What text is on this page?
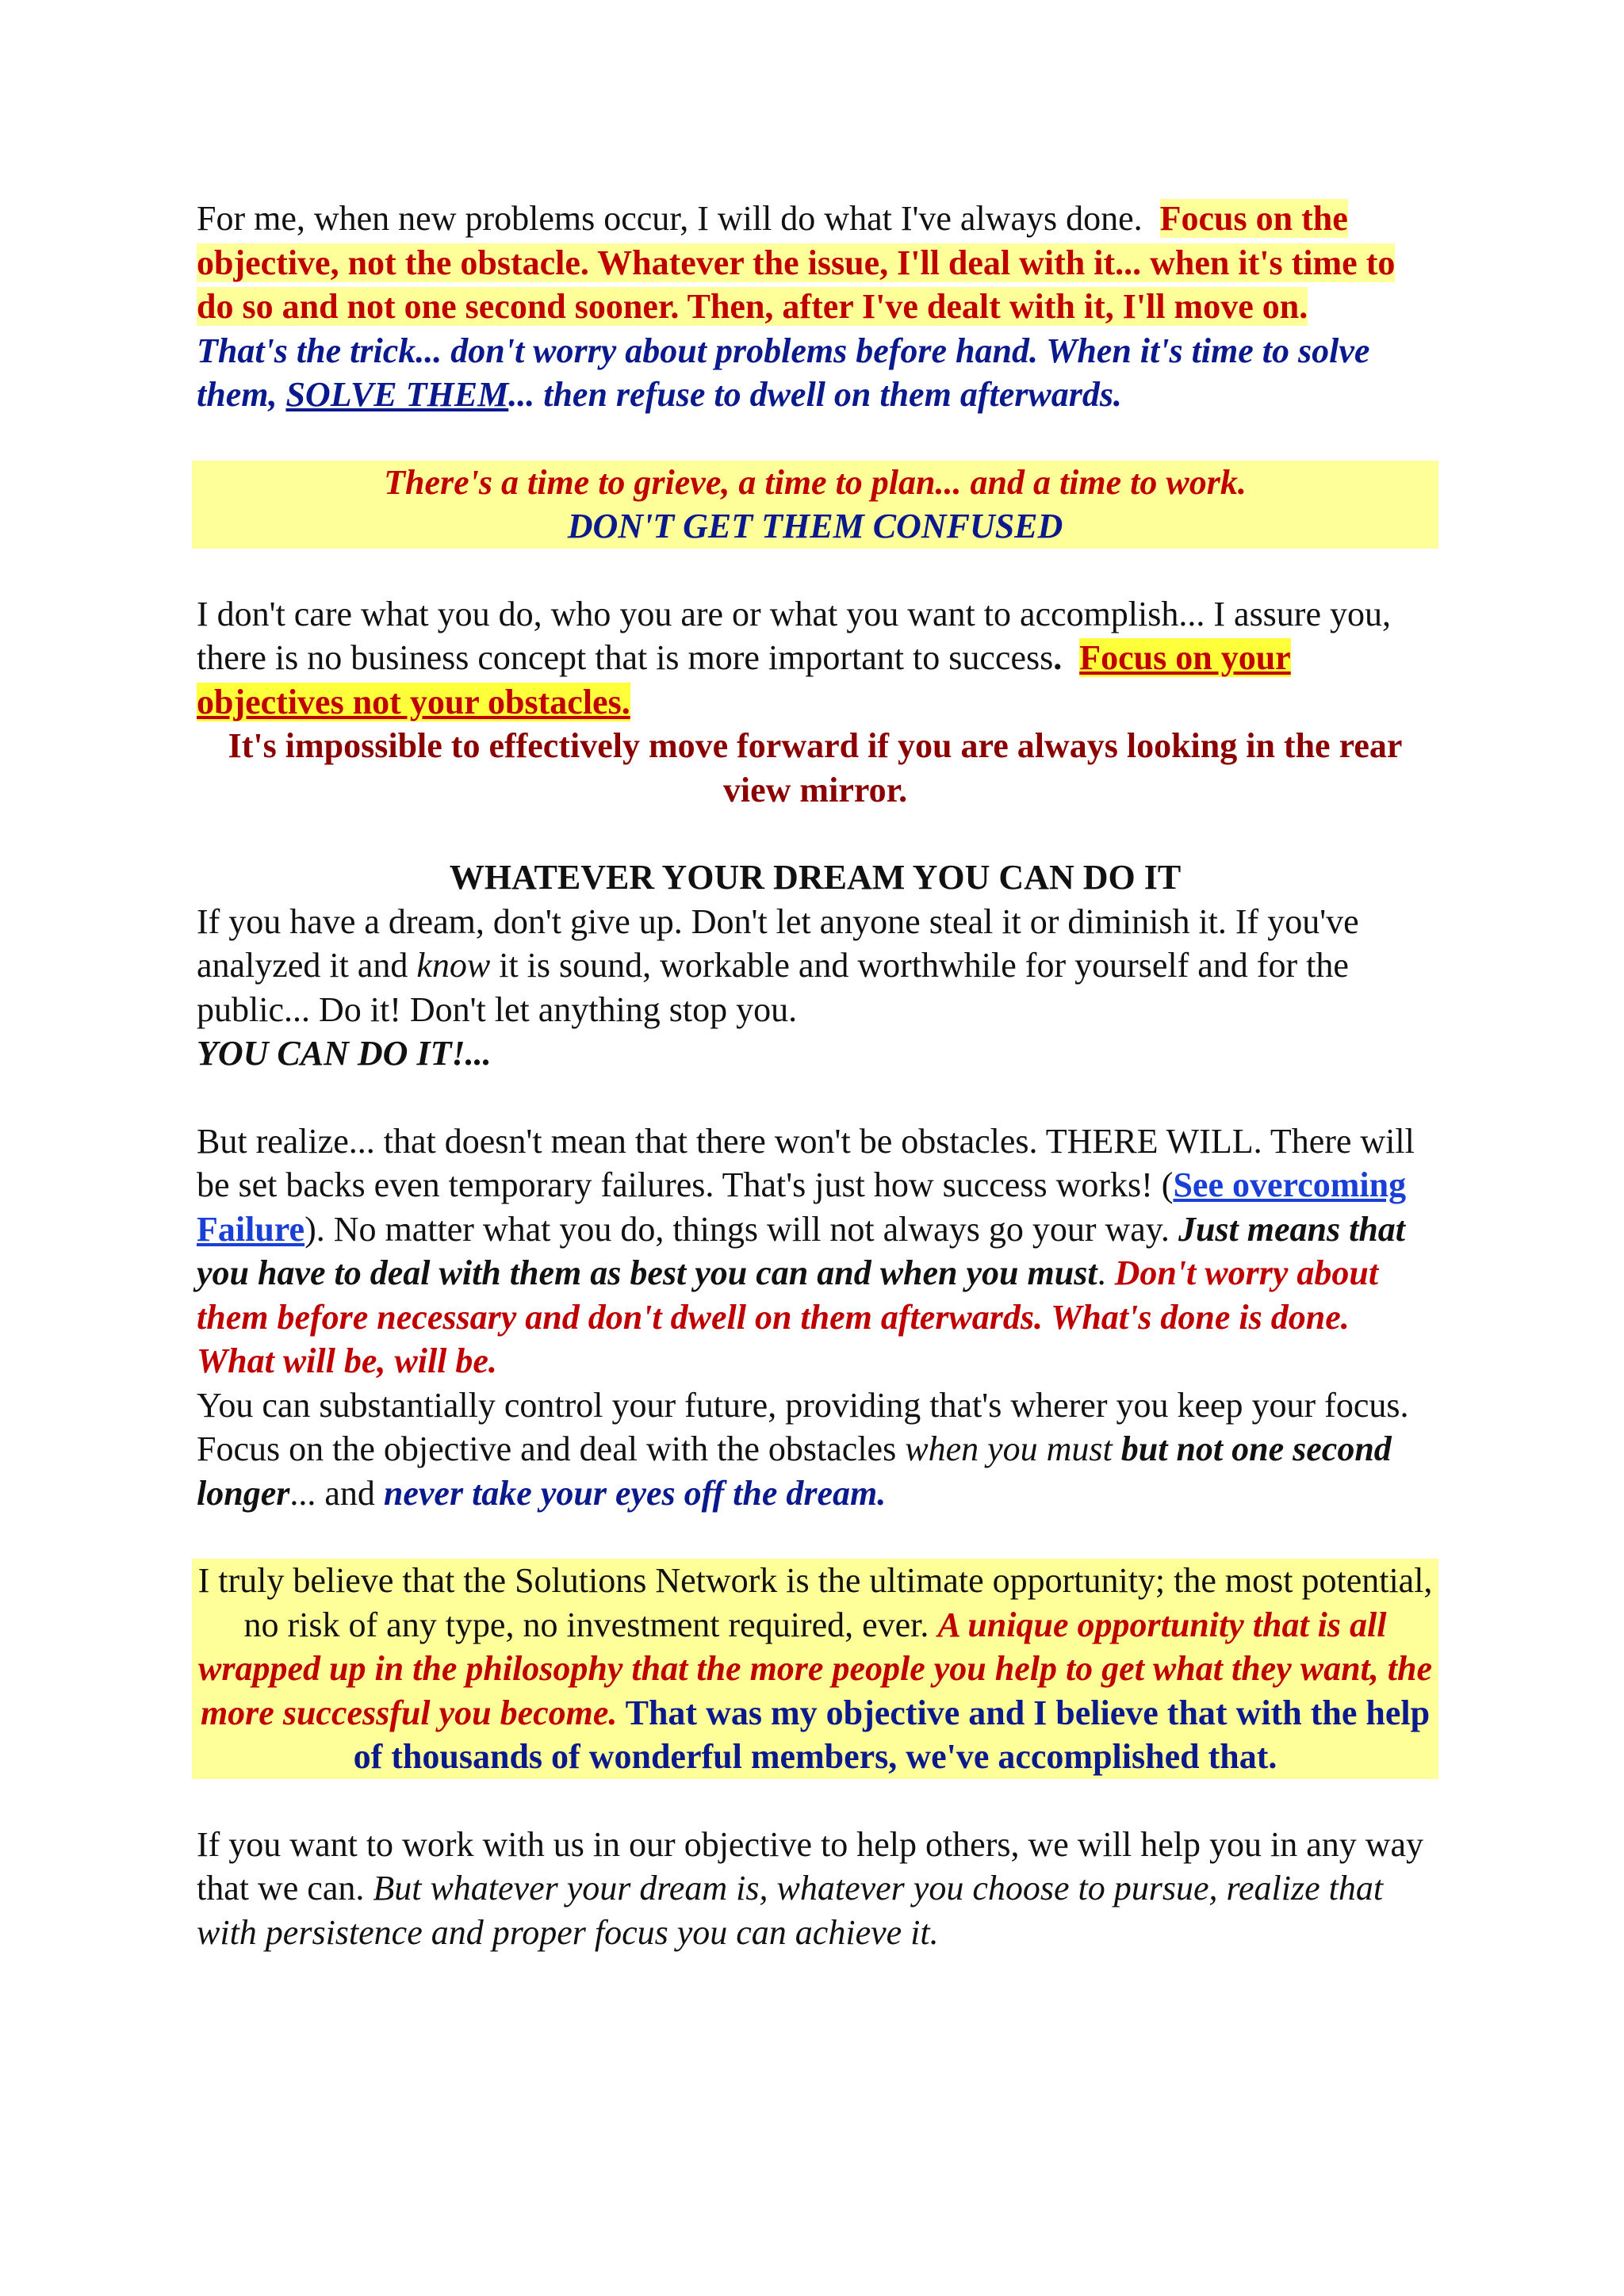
For me, when new problems occur, I will do what I've always done. Focus on the objective, not the obstacle. Whatever the issue, I'll deal with it... when it's time to do so and not one second sooner. Then, after I've dealt with it, I'll move on.
That's the trick... don't worry about problems before hand. When it's time to solve them, SOLVE THEM... then refuse to dwell on them afterwards.
There's a time to grieve, a time to plan... and a time to work.
DON'T GET THEM CONFUSED
I don't care what you do, who you are or what you want to accomplish... I assure you, there is no business concept that is more important to success. Focus on your objectives not your obstacles.
It's impossible to effectively move forward if you are always looking in the rear view mirror.
WHATEVER YOUR DREAM YOU CAN DO IT
If you have a dream, don't give up. Don't let anyone steal it or diminish it. If you've analyzed it and know it is sound, workable and worthwhile for yourself and for the public... Do it! Don't let anything stop you.
YOU CAN DO IT!...
But realize... that doesn't mean that there won't be obstacles. THERE WILL. There will be set backs even temporary failures. That's just how success works! (See overcoming Failure). No matter what you do, things will not always go your way. Just means that you have to deal with them as best you can and when you must. Don't worry about them before necessary and don't dwell on them afterwards. What's done is done. What will be, will be.
You can substantially control your future, providing that's wherer you keep your focus. Focus on the objective and deal with the obstacles when you must but not one second longer... and never take your eyes off the dream.
I truly believe that the Solutions Network is the ultimate opportunity; the most potential, no risk of any type, no investment required, ever. A unique opportunity that is all wrapped up in the philosophy that the more people you help to get what they want, the more successful you become. That was my objective and I believe that with the help of thousands of wonderful members, we've accomplished that.
If you want to work with us in our objective to help others, we will help you in any way that we can. But whatever your dream is, whatever you choose to pursue, realize that with persistence and proper focus you can achieve it.
